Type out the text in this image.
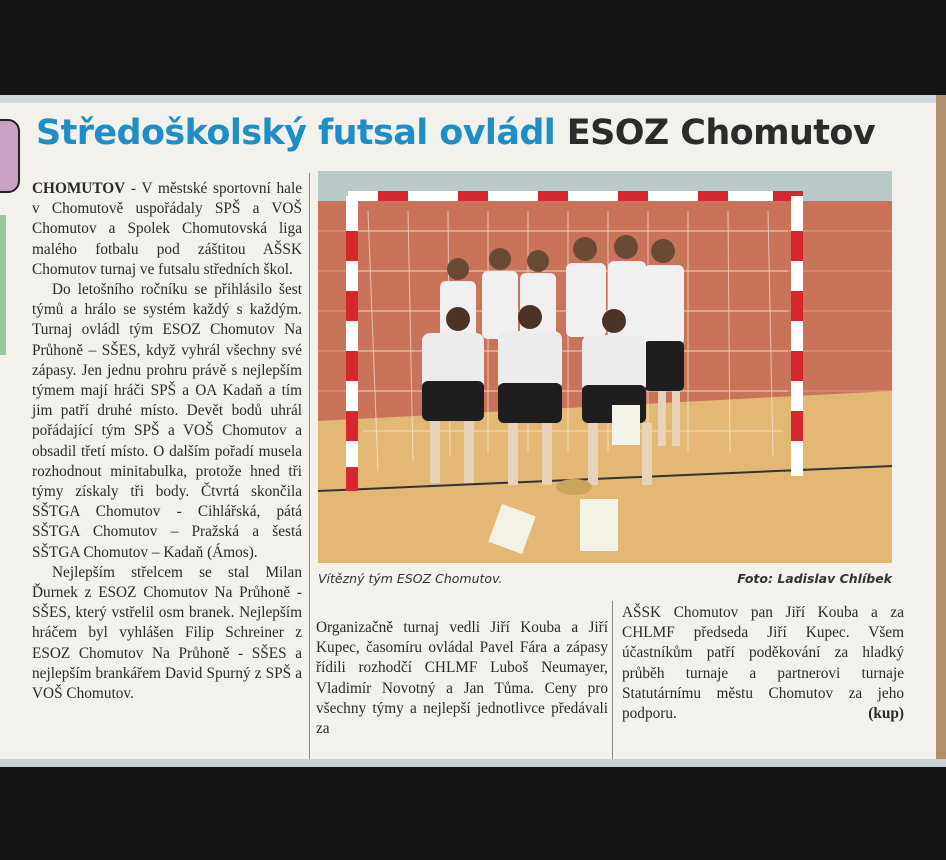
Středoškolský futsal ovládl ESOZ Chomutov

CHOMUTOV - V městské sportovní hale v Chomutově uspořádaly SPŠ a VOŠ Chomutov a Spolek Chomutovská liga malého fotbalu pod záštitou AŠSK Chomutov turnaj ve futsalu středních škol.

Do letošního ročníku se přihlásilo šest týmů a hrálo se systém každý s každým. Turnaj ovládl tým ESOZ Chomutov Na Průhoně – SŠES, když vyhrál všechny své zápasy. Jen jednu prohru právě s nejlepším týmem mají hráči SPŠ a OA Kadaň a tím jim patří druhé místo. Devět bodů uhrál pořádající tým SPŠ a VOŠ Chomutov a obsadil třetí místo. O dalším pořadí musela rozhodnout minitabulka, protože hned tři týmy získaly tři body. Čtvrtá skončila SŠTGA Chomutov - Cihlářská, pátá SŠTGA Chomutov – Pražská a šestá SŠTGA Chomutov – Kadaň (Ámos).

Nejlepším střelcem se stal Milan Ďurnek z ESOZ Chomutov Na Průhoně - SŠES, který vstřelil osm branek. Nejlepším hráčem byl vyhlášen Filip Schreiner z ESOZ Chomutov Na Průhoně - SŠES a nejlepším brankářem David Spurný z SPŠ a VOŠ Chomutov.

Vítězný tým ESOZ Chomutov.	Foto: Ladislav Chlíbek

Organizačně turnaj vedli Jiří Kouba a Jiří Kupec, časomíru ovládal Pavel Fára a zápasy řídili rozhodčí CHLMF Luboš Neumayer, Vladimír Novotný a Jan Tůma. Ceny pro všechny týmy a nejlepší jednotlivce předávali za

AŠSK Chomutov pan Jiří Kouba a za CHLMF předseda Jiří Kupec. Všem účastníkům patří poděkování za hladký průběh turnaje a partnerovi turnaje Statutárnímu městu Chomutov za jeho podporu.	(kup)
